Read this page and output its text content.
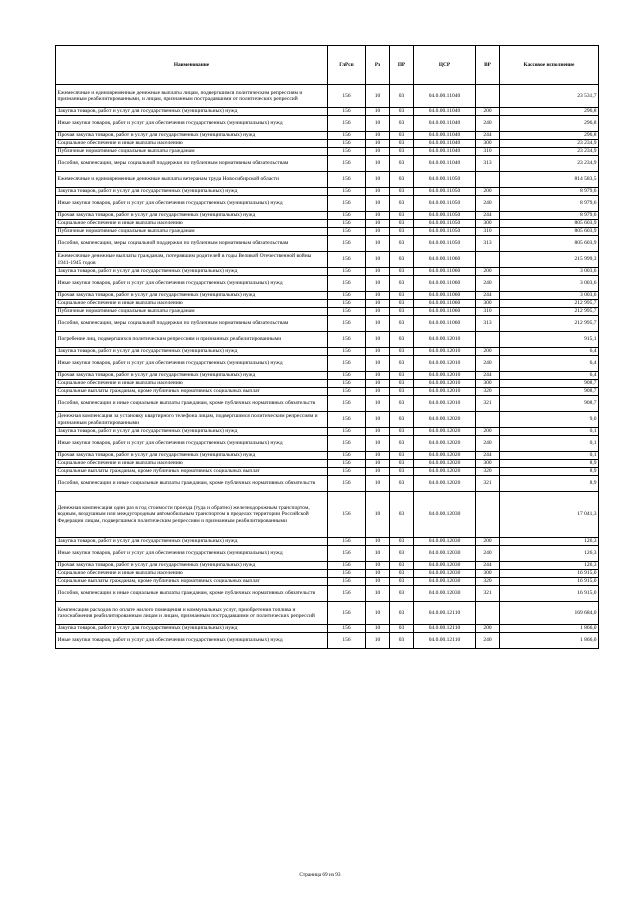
Наименование	ГлРсп	Рз	ПР	ЦСР	ВР	Кассовое исполнение
Ежемесячные и единовременные денежные выплаты лицам, подвергшимся политическим репрессиям и признанным реабилитированными, и лицам, признанным пострадавшими от политических репрессий	156	10	03	04.0.00.11040		23 531,7
Закупка товаров, работ и услуг для государственных (муниципальных) нужд	156	10	03	04.0.00.11040	200	296,8
Иные закупки товаров, работ и услуг для обеспечения государственных (муниципальных) нужд	156	10	03	04.0.00.11040	240	296,8
Прочая закупка товаров, работ и услуг для государственных (муниципальных) нужд	156	10	03	04.0.00.11040	244	296,8
Социальное обеспечение и иные выплаты населению	156	10	03	04.0.00.11040	300	23 234,9
Публичные нормативные социальные выплаты гражданам	156	10	03	04.0.00.11040	310	23 234,9
Пособия, компенсации, меры социальной поддержки по публичным нормативным обязательствам	156	10	03	04.0.00.11040	313	23 234,9
Ежемесячные и единовременные денежные выплаты ветеранам труда Новосибирской области	156	10	03	04.0.00.11050		814 583,5
Закупка товаров, работ и услуг для государственных (муниципальных) нужд	156	10	03	04.0.00.11050	200	8 979,6
Иные закупки товаров, работ и услуг для обеспечения государственных (муниципальных) нужд	156	10	03	04.0.00.11050	240	8 979,6
Прочая закупка товаров, работ и услуг для государственных (муниципальных) нужд	156	10	03	04.0.00.11050	244	8 979,6
Социальное обеспечение и иные выплаты населению	156	10	03	04.0.00.11050	300	805 603,9
Публичные нормативные социальные выплаты гражданам	156	10	03	04.0.00.11050	310	805 603,9
Пособия, компенсации, меры социальной поддержки по публичным нормативным обязательствам	156	10	03	04.0.00.11050	313	805 603,9
Ежемесячные денежные выплаты гражданам, потерявшим родителей в годы Великой Отечественной войны 1941-1945 годов	156	10	03	04.0.00.11060		215 999,3
Закупка товаров, работ и услуг для государственных (муниципальных) нужд	156	10	03	04.0.00.11060	200	3 003,6
Иные закупки товаров, работ и услуг для обеспечения государственных (муниципальных) нужд	156	10	03	04.0.00.11060	240	3 003,6
Прочая закупка товаров, работ и услуг для государственных (муниципальных) нужд	156	10	03	04.0.00.11060	244	3 003,6
Социальное обеспечение и иные выплаты населению	156	10	03	04.0.00.11060	300	212 995,7
Публичные нормативные социальные выплаты гражданам	156	10	03	04.0.00.11060	310	212 995,7
Пособия, компенсации, меры социальной поддержки по публичным нормативным обязательствам	156	10	03	04.0.00.11060	313	212 995,7
Погребение лиц, подвергшихся политическим репрессиям и признанных реабилитированными	156	10	03	04.0.00.12010		915,1
Закупка товаров, работ и услуг для государственных (муниципальных) нужд	156	10	03	04.0.00.12010	200	6,4
Иные закупки товаров, работ и услуг для обеспечения государственных (муниципальных) нужд	156	10	03	04.0.00.12010	240	6,4
Прочая закупка товаров, работ и услуг для государственных (муниципальных) нужд	156	10	03	04.0.00.12010	244	6,4
Социальное обеспечение и иные выплаты населению	156	10	03	04.0.00.12010	300	908,7
Социальные выплаты гражданам, кроме публичных нормативных социальных выплат	156	10	03	04.0.00.12010	320	908,7
Пособия, компенсации и иные социальные выплаты гражданам, кроме публичных нормативных обязательств	156	10	03	04.0.00.12010	321	908,7
Денежная компенсация за установку квартирного телефона лицам, подвергшимся политическим репрессиям и признанным реабилитированными	156	10	03	04.0.00.12020		9,0
Закупка товаров, работ и услуг для государственных (муниципальных) нужд	156	10	03	04.0.00.12020	200	0,1
Иные закупки товаров, работ и услуг для обеспечения государственных (муниципальных) нужд	156	10	03	04.0.00.12020	240	0,1
Прочая закупка товаров, работ и услуг для государственных (муниципальных) нужд	156	10	03	04.0.00.12020	244	0,1
Социальное обеспечение и иные выплаты населению	156	10	03	04.0.00.12020	300	8,9
Социальные выплаты гражданам, кроме публичных нормативных социальных выплат	156	10	03	04.0.00.12020	320	8,9
Пособия, компенсации и иные социальные выплаты гражданам, кроме публичных нормативных обязательств	156	10	03	04.0.00.12020	321	8,9
Денежная компенсация один раз в год стоимости проезда (туда и обратно) железнодорожным транспортом, водным, воздушным или междугородным автомобильным транспортом в пределах территории Российской Федерации лицам, подвергшимся политическим репрессиям и признанным реабилитированными	156	10	03	04.0.00.12030		17 041,3
Закупка товаров, работ и услуг для государственных (муниципальных) нужд	156	10	03	04.0.00.12030	200	126,3
Иные закупки товаров, работ и услуг для обеспечения государственных (муниципальных) нужд	156	10	03	04.0.00.12030	240	126,3
Прочая закупка товаров, работ и услуг для государственных (муниципальных) нужд	156	10	03	04.0.00.12030	244	126,3
Социальное обеспечение и иные выплаты населению	156	10	03	04.0.00.12030	300	16 915,0
Социальные выплаты гражданам, кроме публичных нормативных социальных выплат	156	10	03	04.0.00.12030	320	16 915,0
Пособия, компенсации и иные социальные выплаты гражданам, кроме публичных нормативных обязательств	156	10	03	04.0.00.12030	321	16 915,0
Компенсация расходов по оплате жилого помещения и коммунальных услуг, приобретения топлива и газоснабжения реабилитированным лицам и лицам, признанным пострадавшими от политических репрессий	156	10	03	04.0.00.12110		169 684,0
Закупка товаров, работ и услуг для государственных (муниципальных) нужд	156	10	03	04.0.00.12110	200	1 866,0
Иные закупки товаров, работ и услуг для обеспечения государственных (муниципальных) нужд	156	10	03	04.0.00.12110	240	1 866,0
Страница 69 из 93
